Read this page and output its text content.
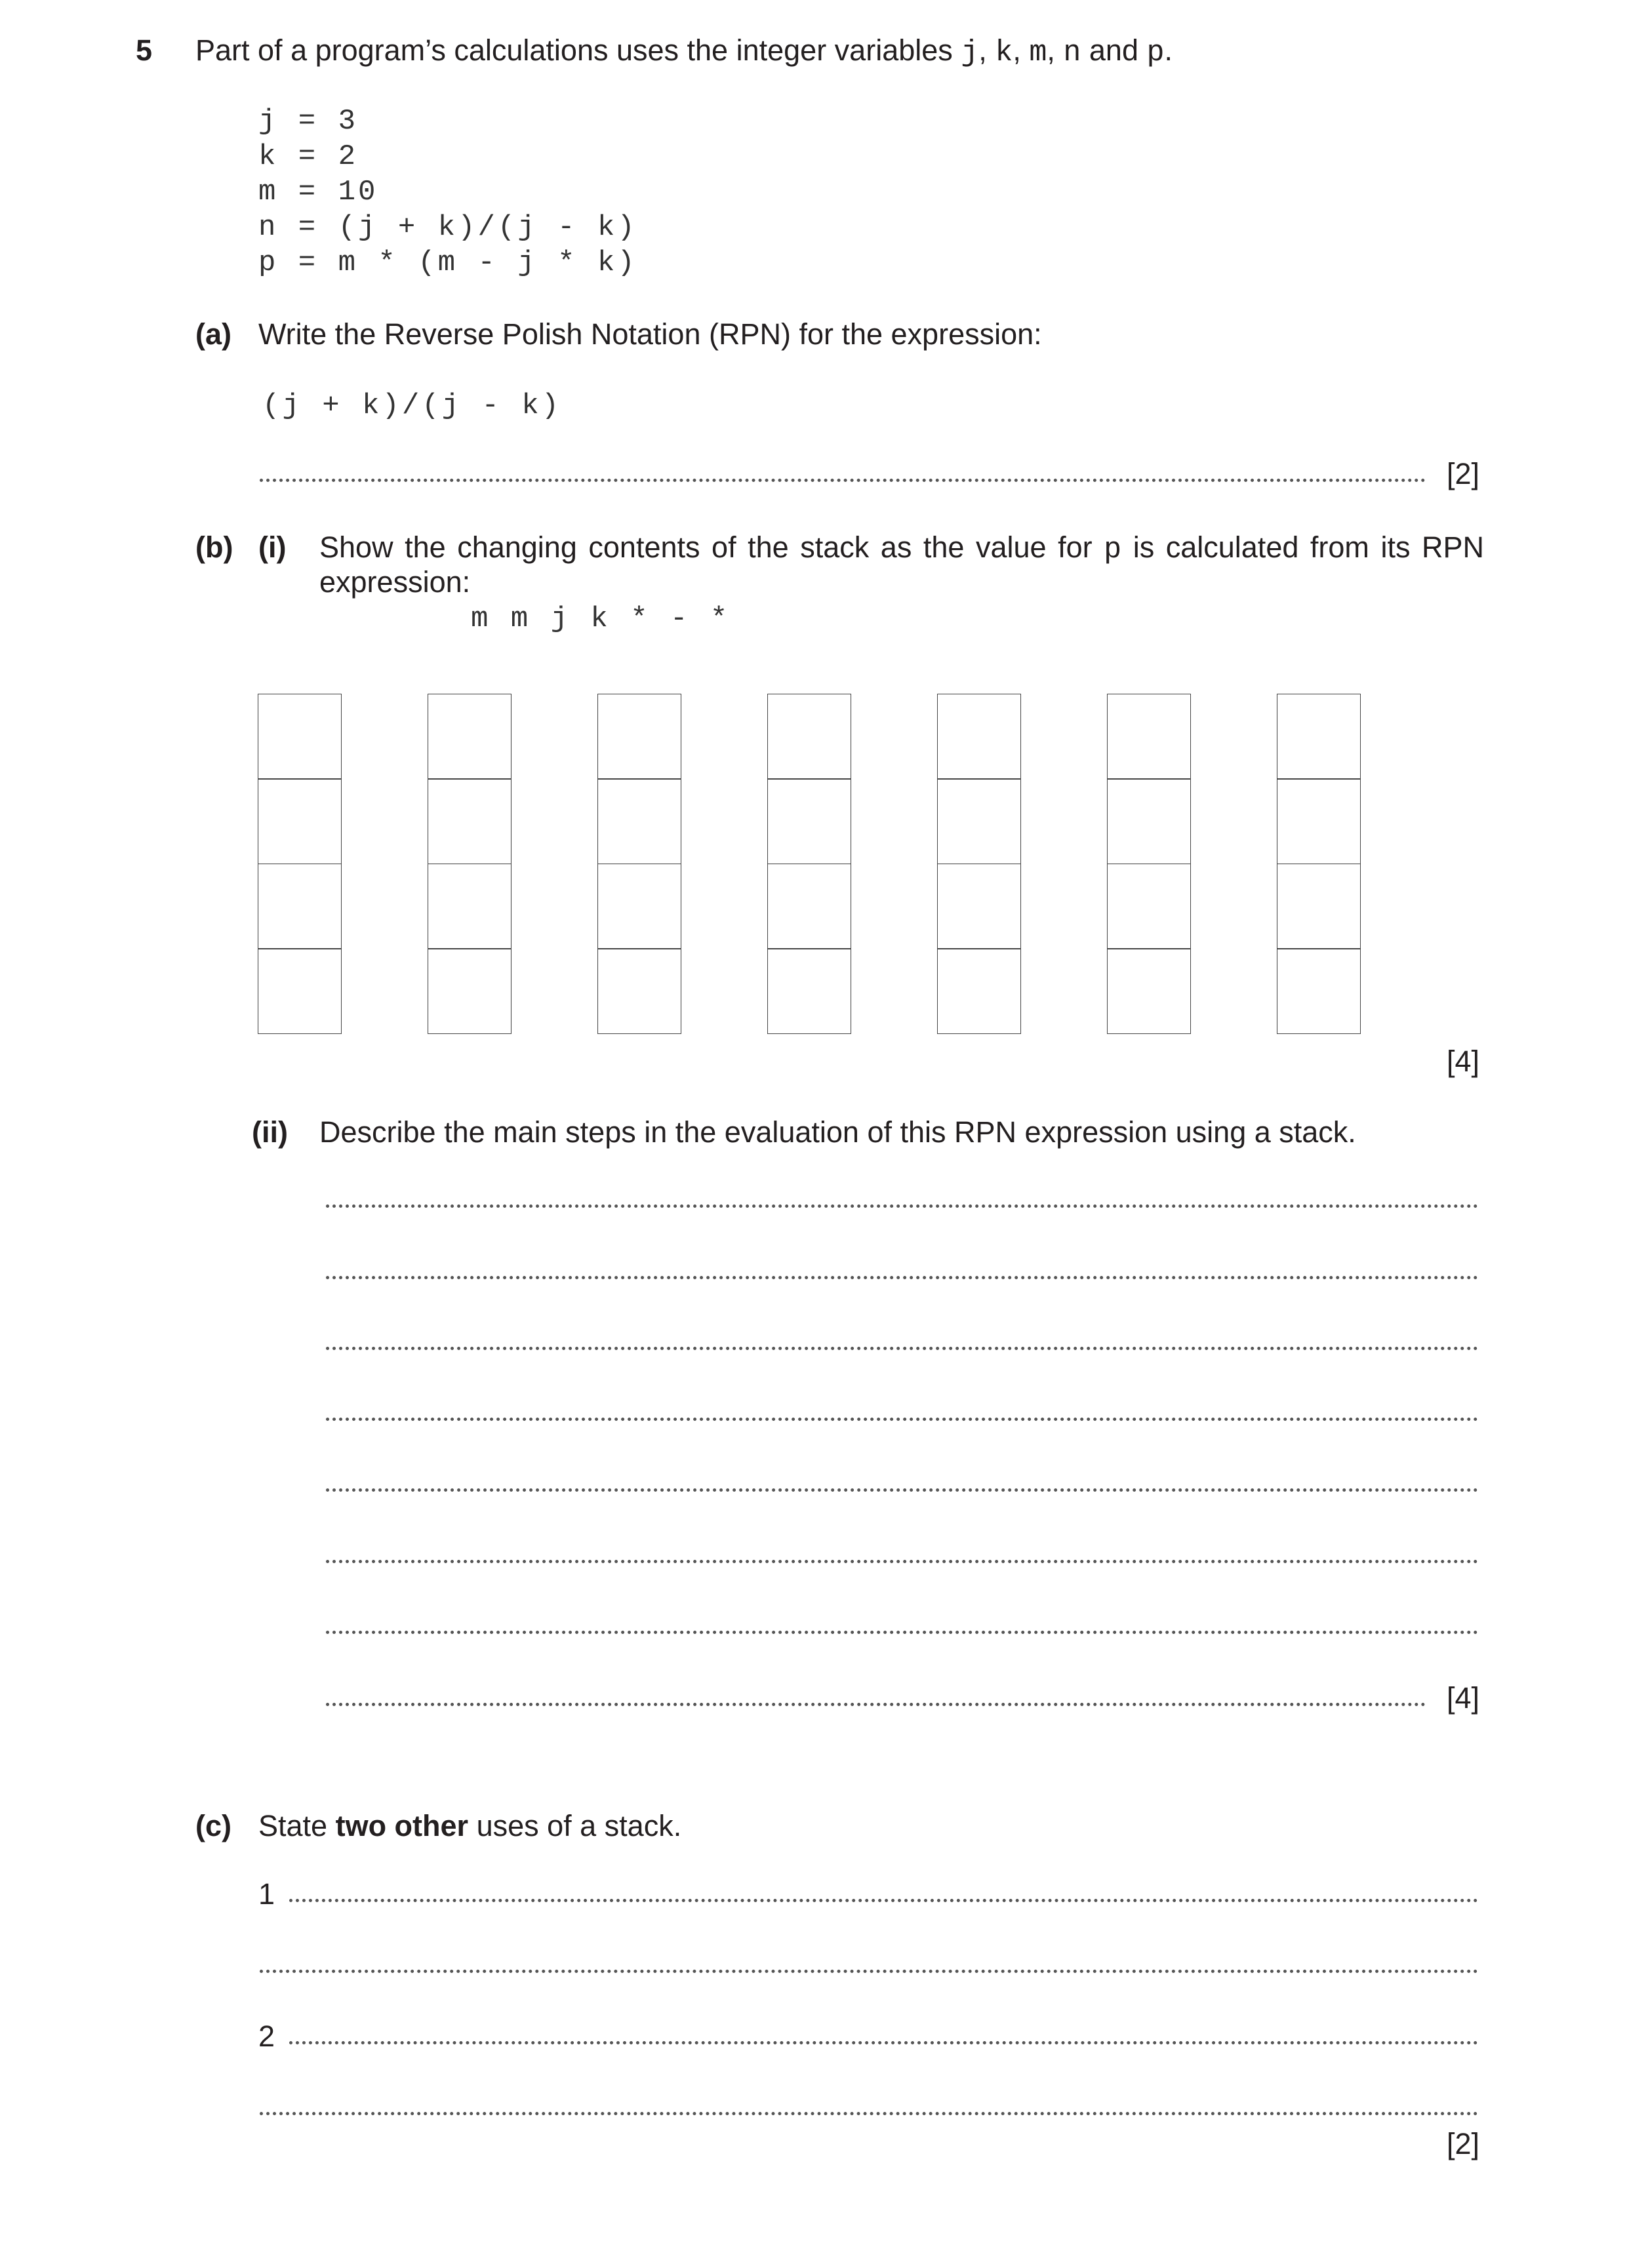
5 Part of a program’s calculations uses the integer variables j, k, m, n and p.
j = 3
k = 2
m = 10
n = (j + k)/(j - k)
p = m * (m - j * k)
(a) Write the Reverse Polish Notation (RPN) for the expression:
(j + k)/(j - k)
[2]
(b) (i) Show the changing contents of the stack as the value for p is calculated from its RPN
expression:
m m j k * - *
[4]
(ii) Describe the main steps in the evaluation of this RPN expression using a stack.
[4]
(c) State two other uses of a stack.
1
2
[2]
